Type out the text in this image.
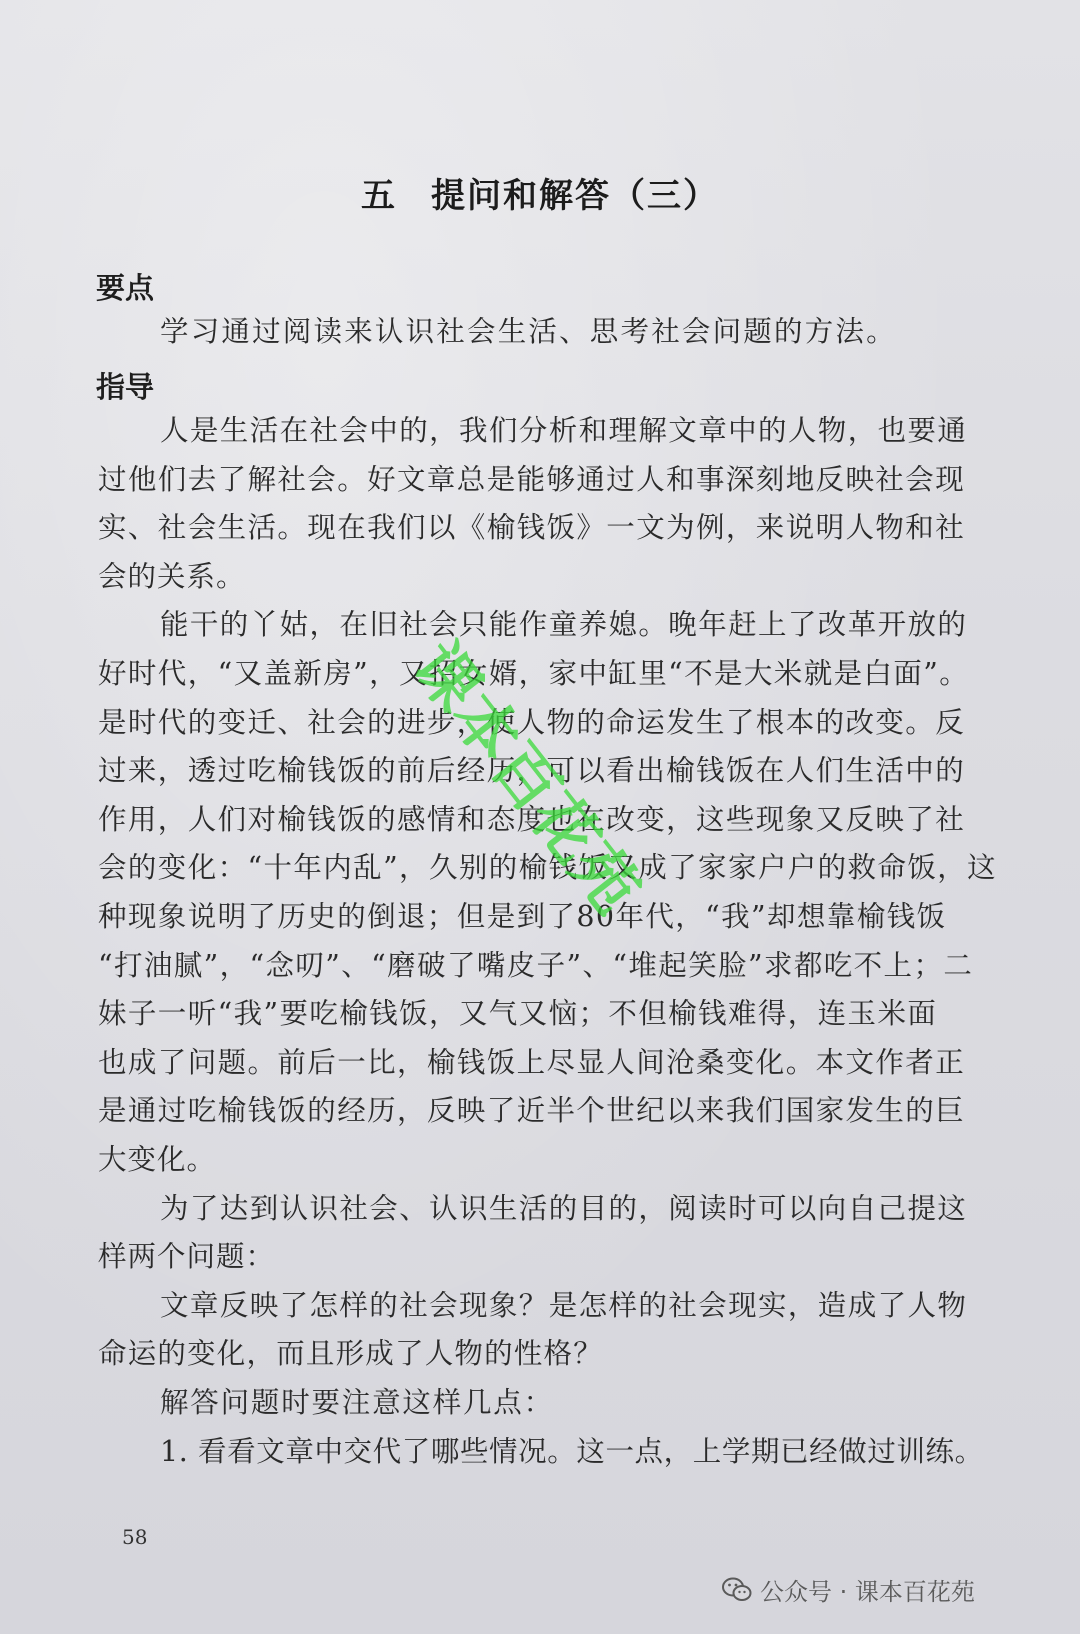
五 提问和解答（三）
要点

学习通过阅读来认识社会生活、思考社会问题的方法。

指导

人是生活在社会中的，我们分析和理解文章中的人物，也要通

过他们去了解社会。好文章总是能够通过人和事深刻地反映社会现

实、社会生活。现在我们以《榆钱饭》一文为例，来说明人物和社

会的关系。

能干的丫姑，在旧社会只能作童养媳。晚年赶上了改革开放的

好时代，“又盖新房”，又招女婿，家中缸里“不是大米就是白面”。

是时代的变迁、社会的进步，使人物的命运发生了根本的改变。反

过来，透过吃榆钱饭的前后经历，可以看出榆钱饭在人们生活中的

作用，人们对榆钱饭的感情和态度也在改变，这些现象又反映了社

会的变化：“十年内乱”，久别的榆钱饭又成了家家户户的救命饭，这

种现象说明了历史的倒退；但是到了80年代，“我”却想靠榆钱饭

“打油腻”，“念叨”、“磨破了嘴皮子”、“堆起笑脸”求都吃不上；二

妹子一听“我”要吃榆钱饭，又气又恼；不但榆钱难得，连玉米面

也成了问题。前后一比，榆钱饭上尽显人间沧桑变化。本文作者正

是通过吃榆钱饭的经历，反映了近半个世纪以来我们国家发生的巨

大变化。

为了达到认识社会、认识生活的目的，阅读时可以向自己提这

样两个问题：

文章反映了怎样的社会现象？是怎样的社会现实，造成了人物

命运的变化，而且形成了人物的性格？

解答问题时要注意这样几点：

1. 看看文章中交代了哪些情况。这一点，上学期已经做过训练。

课本百花苑
58
公众号 · 课本百花苑
